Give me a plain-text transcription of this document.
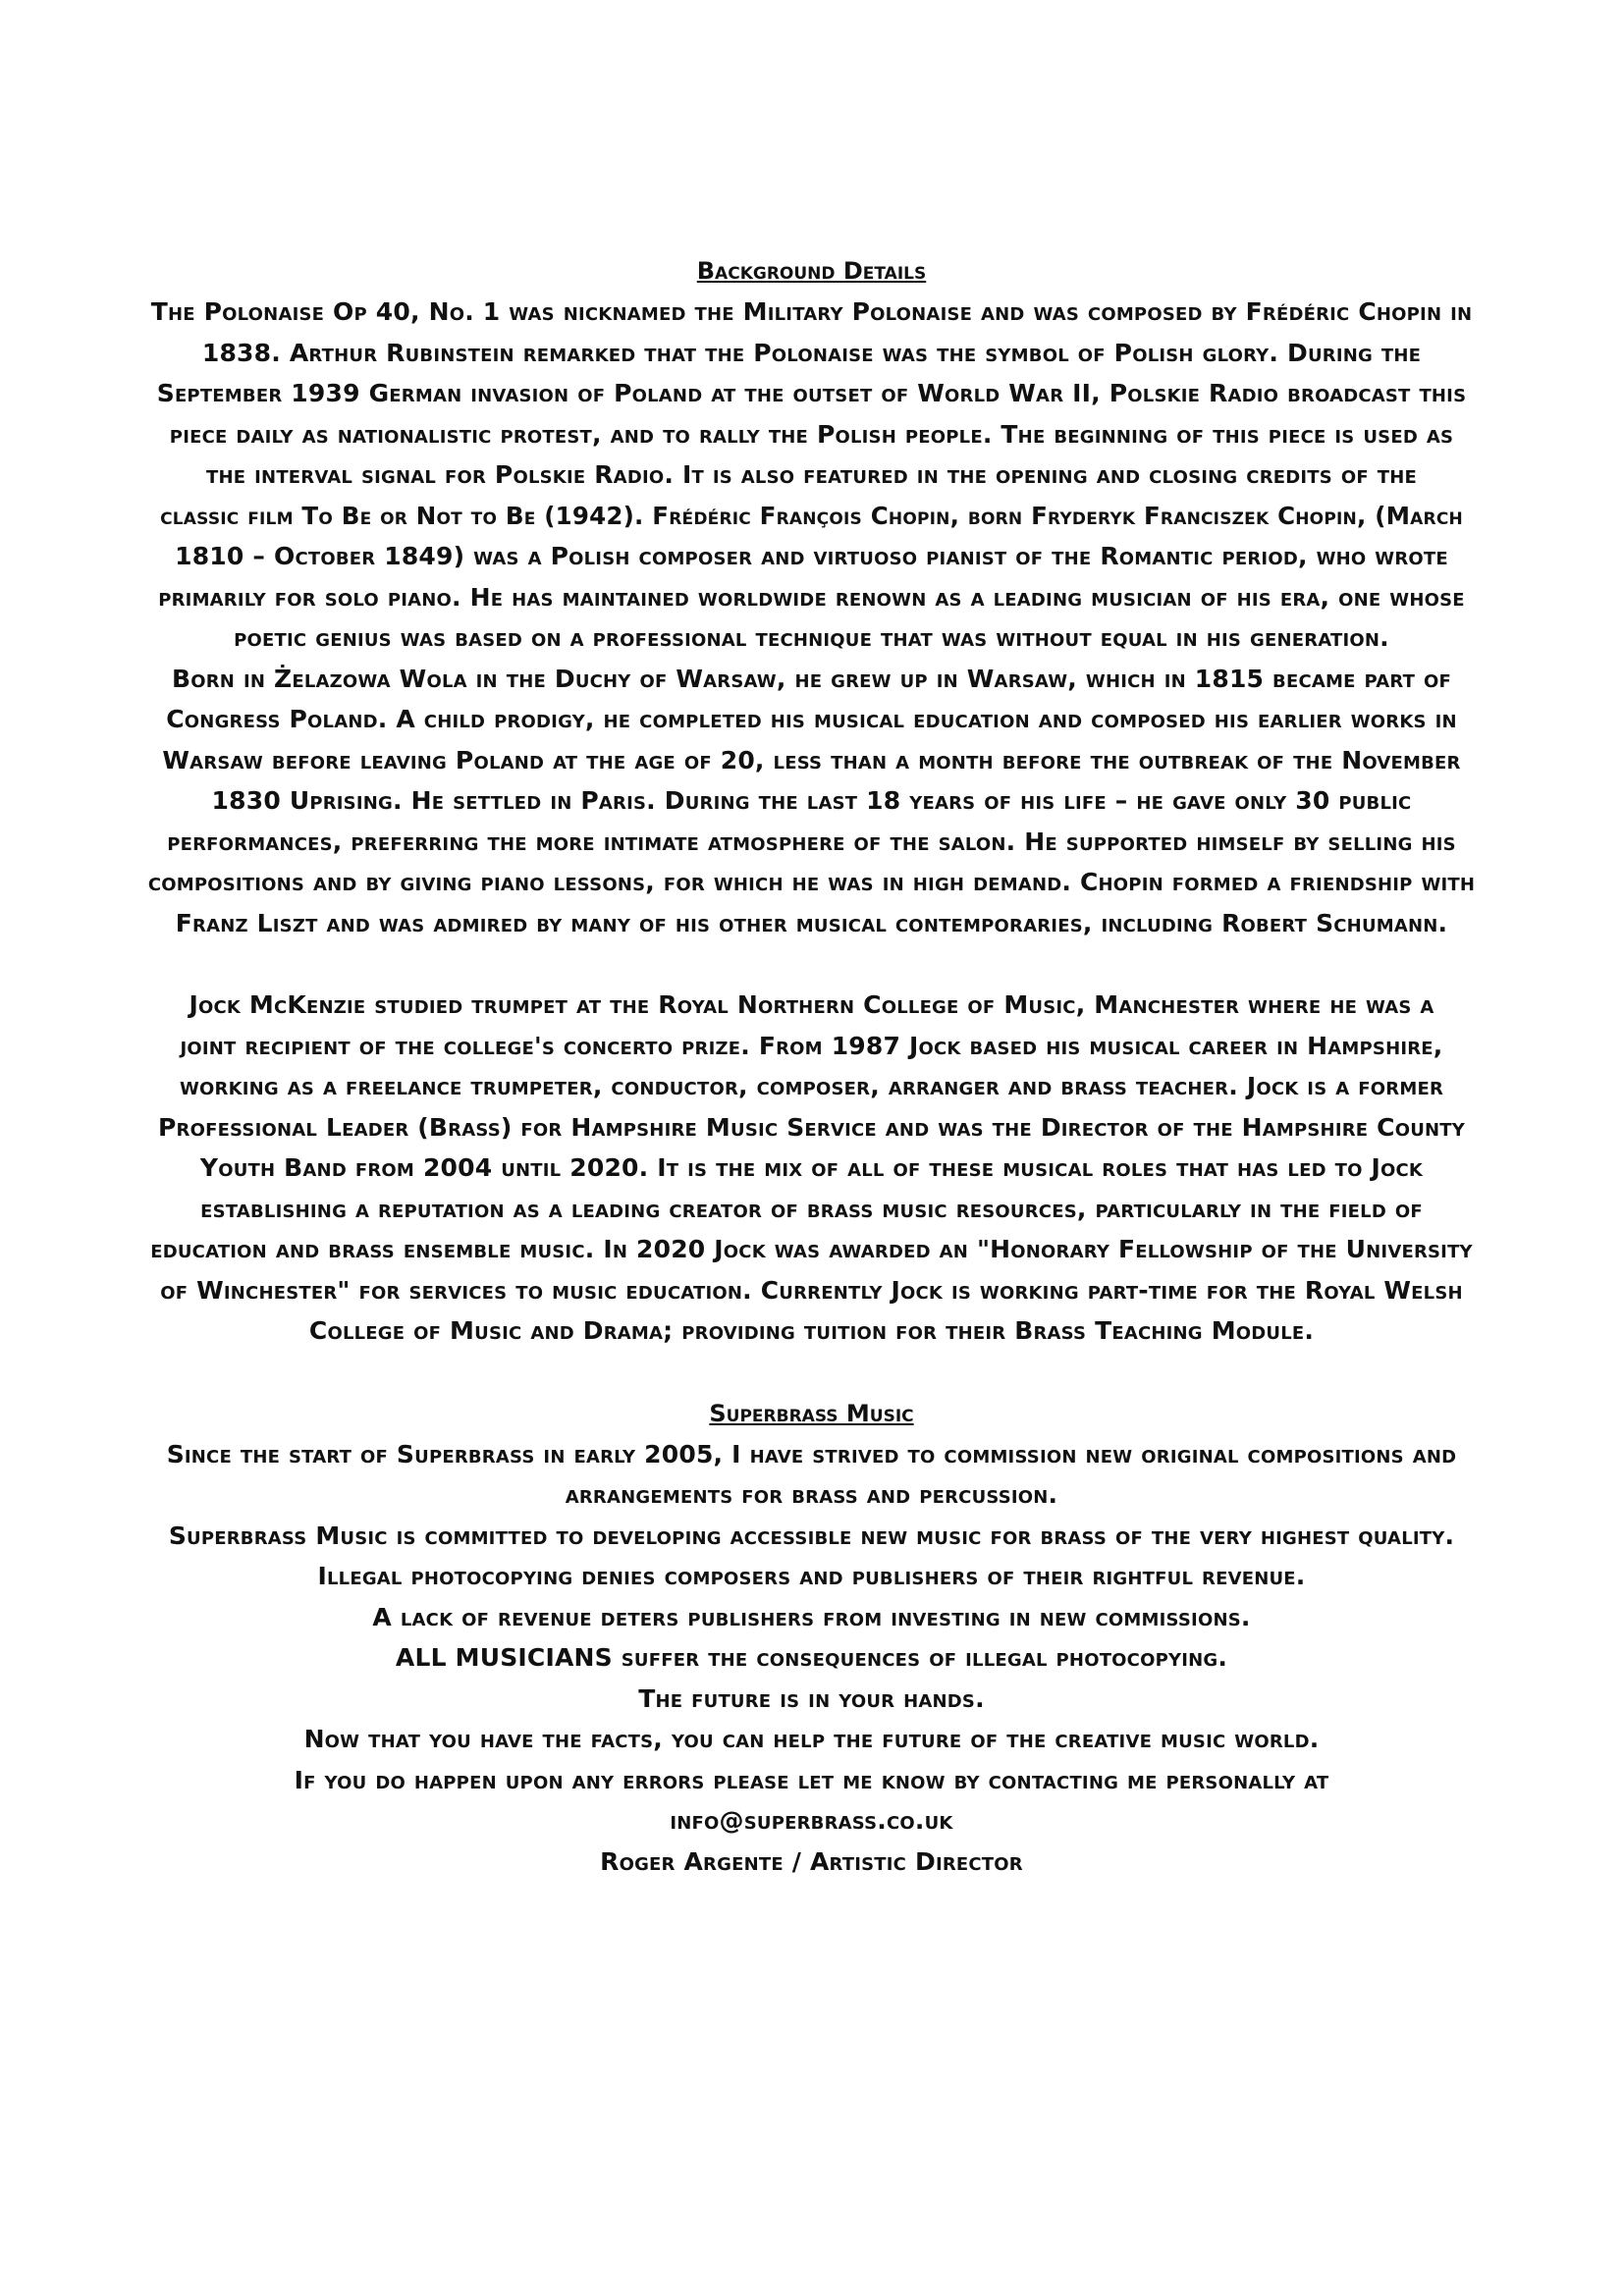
Background Details
The Polonaise Op 40, No. 1 was nicknamed the Military Polonaise and was composed by Frédéric Chopin in
1838. Arthur Rubinstein remarked that the Polonaise was the symbol of Polish glory. During the
September 1939 German invasion of Poland at the outset of World War II, Polskie Radio broadcast this
piece daily as nationalistic protest, and to rally the Polish people. The beginning of this piece is used as
the interval signal for Polskie Radio. It is also featured in the opening and closing credits of the
classic film To Be or Not to Be (1942). Frédéric François Chopin, born Fryderyk Franciszek Chopin, (March
1810 – October 1849) was a Polish composer and virtuoso pianist of the Romantic period, who wrote
primarily for solo piano. He has maintained worldwide renown as a leading musician of his era, one whose
poetic genius was based on a professional technique that was without equal in his generation.
Born in Żelazowa Wola in the Duchy of Warsaw, he grew up in Warsaw, which in 1815 became part of
Congress Poland. A child prodigy, he completed his musical education and composed his earlier works in
Warsaw before leaving Poland at the age of 20, less than a month before the outbreak of the November
1830 Uprising. He settled in Paris. During the last 18 years of his life – he gave only 30 public
performances, preferring the more intimate atmosphere of the salon. He supported himself by selling his
compositions and by giving piano lessons, for which he was in high demand. Chopin formed a friendship with
Franz Liszt and was admired by many of his other musical contemporaries, including Robert Schumann.
Jock McKenzie studied trumpet at the Royal Northern College of Music, Manchester where he was a
joint recipient of the college's concerto prize. From 1987 Jock based his musical career in Hampshire,
working as a freelance trumpeter, conductor, composer, arranger and brass teacher. Jock is a former
Professional Leader (Brass) for Hampshire Music Service and was the Director of the Hampshire County
Youth Band from 2004 until 2020. It is the mix of all of these musical roles that has led to Jock
establishing a reputation as a leading creator of brass music resources, particularly in the field of
education and brass ensemble music. In 2020 Jock was awarded an "Honorary Fellowship of the University
of Winchester" for services to music education. Currently Jock is working part-time for the Royal Welsh
College of Music and Drama; providing tuition for their Brass Teaching Module.
Superbrass Music
Since the start of Superbrass in early 2005, I have strived to commission new original compositions and
arrangements for brass and percussion.
Superbrass Music is committed to developing accessible new music for brass of the very highest quality.
Illegal photocopying denies composers and publishers of their rightful revenue.
A lack of revenue deters publishers from investing in new commissions.
ALL MUSICIANS suffer the consequences of illegal photocopying.
The future is in your hands.
Now that you have the facts, you can help the future of the creative music world.
If you do happen upon any errors please let me know by contacting me personally at
info@superbrass.co.uk
Roger Argente / Artistic Director
